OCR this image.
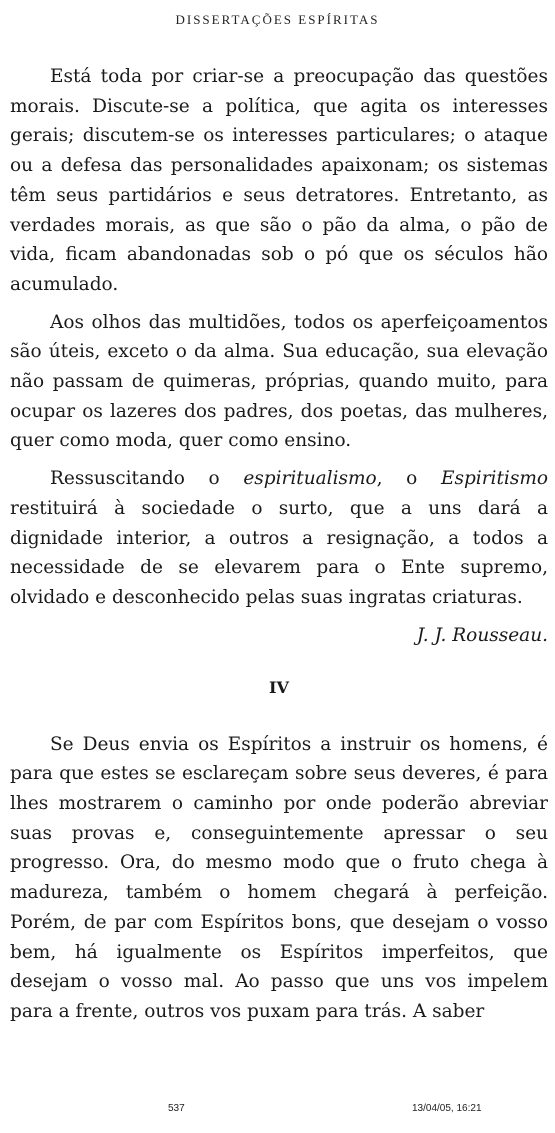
DISSERTAÇÕES ESPÍRITAS

Está toda por criar-se a preocupação das questões morais. Discute-se a política, que agita os interesses gerais; discutem-se os interesses particulares; o ataque ou a defesa das personalidades apaixonam; os sistemas têm seus partidários e seus detratores. Entretanto, as verdades morais, as que são o pão da alma, o pão de vida, ficam abandonadas sob o pó que os séculos hão acumulado.

Aos olhos das multidões, todos os aperfeiçoamentos são úteis, exceto o da alma. Sua educação, sua elevação não passam de quimeras, próprias, quando muito, para ocupar os lazeres dos padres, dos poetas, das mulheres, quer como moda, quer como ensino.

Ressuscitando o espiritualismo, o Espiritismo restituirá à sociedade o surto, que a uns dará a dignidade interior, a outros a resignação, a todos a necessidade de se elevarem para o Ente supremo, olvidado e desconhecido pelas suas ingratas criaturas.

J. J. Rousseau.

IV

Se Deus envia os Espíritos a instruir os homens, é para que estes se esclareçam sobre seus deveres, é para lhes mostrarem o caminho por onde poderão abreviar suas provas e, conseguintemente apressar o seu progresso. Ora, do mesmo modo que o fruto chega à madureza, também o homem chegará à perfeição. Porém, de par com Espíritos bons, que desejam o vosso bem, há igualmente os Espíritos imperfeitos, que desejam o vosso mal. Ao passo que uns vos impelem para a frente, outros vos puxam para trás. A saber

537	13/04/05, 16:21
